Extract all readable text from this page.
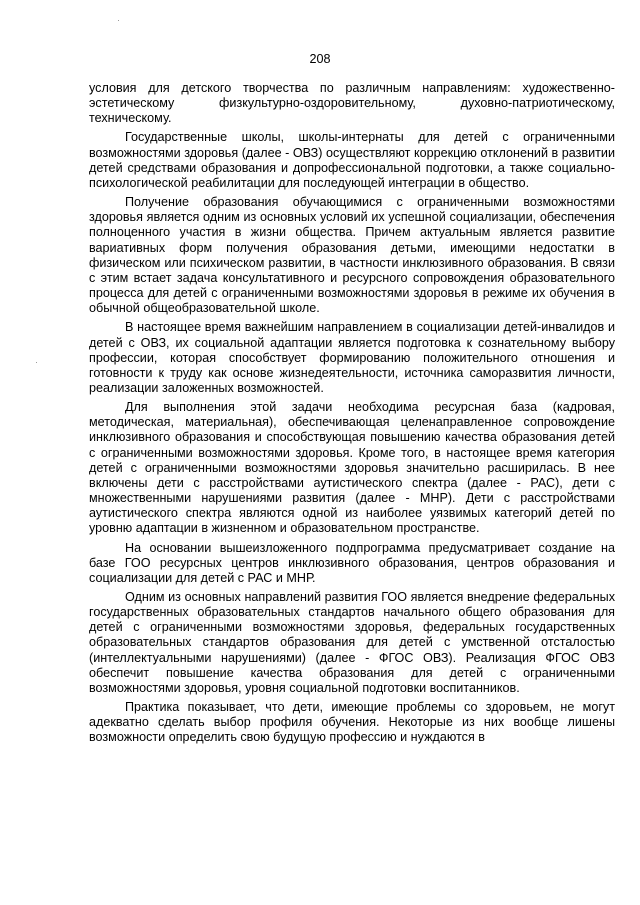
208

условия для детского творчества по различным направлениям: художественно-эстетическому физкультурно-оздоровительному, духовно-патриотическому, техническому.

Государственные школы, школы-интернаты для детей с ограниченными возможностями здоровья (далее - ОВЗ) осуществляют коррекцию отклонений в развитии детей средствами образования и допрофессиональной подготовки, а также социально-психологической реабилитации для последующей интеграции в общество.

Получение образования обучающимися с ограниченными возможностями здоровья является одним из основных условий их успешной социализации, обеспечения полноценного участия в жизни общества. Причем актуальным является развитие вариативных форм получения образования детьми, имеющими недостатки в физическом или психическом развитии, в частности инклюзивного образования. В связи с этим встает задача консультативного и ресурсного сопровождения образовательного процесса для детей с ограниченными возможностями здоровья в режиме их обучения в обычной общеобразовательной школе.

В настоящее время важнейшим направлением в социализации детей-инвалидов и детей с ОВЗ, их социальной адаптации является подготовка к сознательному выбору профессии, которая способствует формированию положительного отношения и готовности к труду как основе жизнедеятельности, источника саморазвития личности, реализации заложенных возможностей.

Для выполнения этой задачи необходима ресурсная база (кадровая, методическая, материальная), обеспечивающая целенаправленное сопровождение инклюзивного образования и способствующая повышению качества образования детей с ограниченными возможностями здоровья. Кроме того, в настоящее время категория детей с ограниченными возможностями здоровья значительно расширилась. В нее включены дети с расстройствами аутистического спектра (далее - РАС), дети с множественными нарушениями развития (далее - МНР). Дети с расстройствами аутистического спектра являются одной из наиболее уязвимых категорий детей по уровню адаптации в жизненном и образовательном пространстве.

На основании вышеизложенного подпрограмма предусматривает создание на базе ГОО ресурсных центров инклюзивного образования, центров образования и социализации для детей с РАС и МНР.

Одним из основных направлений развития ГОО является внедрение федеральных государственных образовательных стандартов начального общего образования для детей с ограниченными возможностями здоровья, федеральных государственных образовательных стандартов образования для детей с умственной отсталостью (интеллектуальными нарушениями) (далее - ФГОС ОВЗ). Реализация ФГОС ОВЗ обеспечит повышение качества образования для детей с ограниченными возможностями здоровья, уровня социальной подготовки воспитанников.

Практика показывает, что дети, имеющие проблемы со здоровьем, не могут адекватно сделать выбор профиля обучения. Некоторые из них вообще лишены возможности определить свою будущую профессию и нуждаются в
